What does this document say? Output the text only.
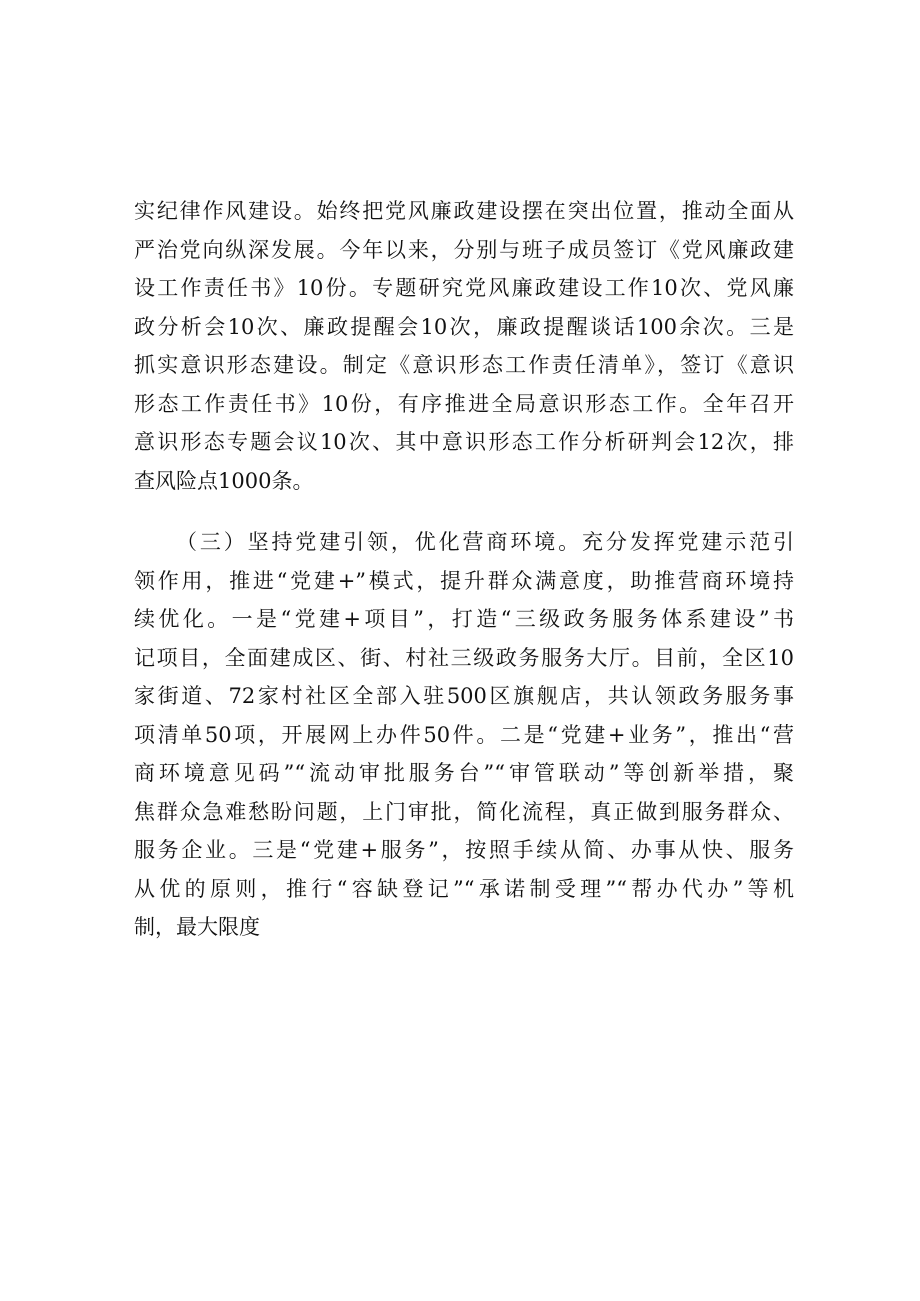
实纪律作风建设。始终把党风廉政建设摆在突出位置，推动全面从
严治党向纵深发展。今年以来，分别与班子成员签订《党风廉政建
设工作责任书》10份。专题研究党风廉政建设工作10次、党风廉
政分析会10次、廉政提醒会10次，廉政提醒谈话100余次。三是
抓实意识形态建设。制定《意识形态工作责任清单》，签订《意识
形态工作责任书》10份，有序推进全局意识形态工作。全年召开
意识形态专题会议10次、其中意识形态工作分析研判会12次，排
查风险点1000条。
（三）坚持党建引领，优化营商环境。充分发挥党建示范引
领作用，推进“党建+”模式，提升群众满意度，助推营商环境持
续优化。一是“党建+项目”，打造“三级政务服务体系建设”书
记项目，全面建成区、街、村社三级政务服务大厅。目前，全区10
家街道、72家村社区全部入驻500区旗舰店，共认领政务服务事
项清单50项，开展网上办件50件。二是“党建+业务”，推出“营
商环境意见码”“流动审批服务台”“审管联动”等创新举措，聚
焦群众急难愁盼问题，上门审批，简化流程，真正做到服务群众、
服务企业。三是“党建+服务”，按照手续从简、办事从快、服务
从优的原则，推行“容缺登记”“承诺制受理”“帮办代办”等机
制，最大限度
